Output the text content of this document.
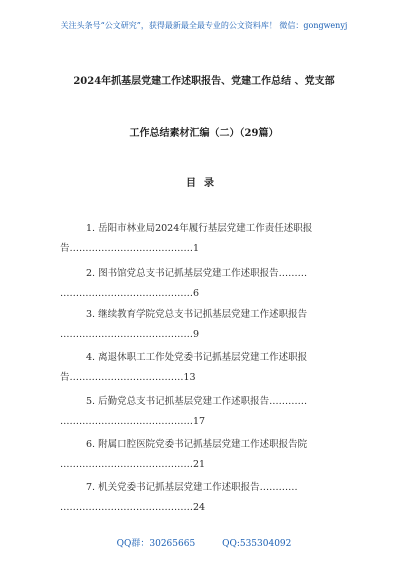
关注头条号“公文研究”，获得最新最全最专业的公文资料库！ 微信：gongwenyj
2024年抓基层党建工作述职报告、党建工作总结 、党支部
工作总结素材汇编（二）（29篇）
目录
1. 岳阳市林业局2024年履行基层党建工作责任述职报
告…………………………………1
2. 图书馆党总支书记抓基层党建工作述职报告………
……………………………………6
3. 继续教育学院党总支书记抓基层党建工作述职报告
……………………………………9
4. 离退休职工工作处党委书记抓基层党建工作述职报
告………………………………13
5. 后勤党总支书记抓基层党建工作述职报告…………
……………………………………17
6. 附属口腔医院党委书记抓基层党建工作述职报告院
……………………………………21
7. 机关党委书记抓基层党建工作述职报告…………
……………………………………24
QQ群：30265665	QQ:535304092
